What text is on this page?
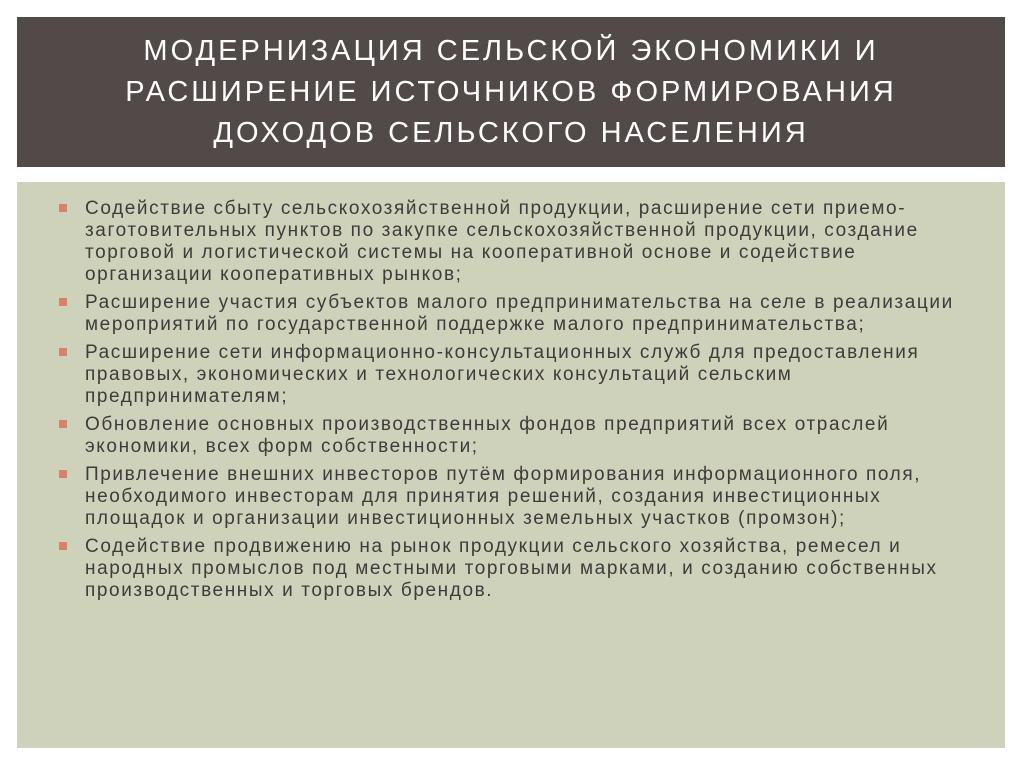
МОДЕРНИЗАЦИЯ СЕЛЬСКОЙ ЭКОНОМИКИ И РАСШИРЕНИЕ ИСТОЧНИКОВ ФОРМИРОВАНИЯ ДОХОДОВ СЕЛЬСКОГО НАСЕЛЕНИЯ
Содействие сбыту сельскохозяйственной продукции, расширение сети приемо-заготовительных пунктов по закупке сельскохозяйственной продукции, создание торговой и логистической системы на кооперативной основе и содействие организации кооперативных рынков;
Расширение участия субъектов малого предпринимательства на селе в реализации мероприятий по государственной поддержке малого предпринимательства;
Расширение сети информационно-консультационных служб для предоставления правовых, экономических и технологических консультаций сельским предпринимателям;
Обновление основных производственных фондов предприятий всех отраслей экономики, всех форм собственности;
Привлечение внешних инвесторов путём формирования информационного поля, необходимого инвесторам для принятия решений, создания инвестиционных площадок и организации инвестиционных земельных участков (промзон);
Содействие продвижению на рынок продукции сельского хозяйства, ремесел и народных промыслов под местными торговыми марками, и созданию собственных производственных и торговых брендов.
